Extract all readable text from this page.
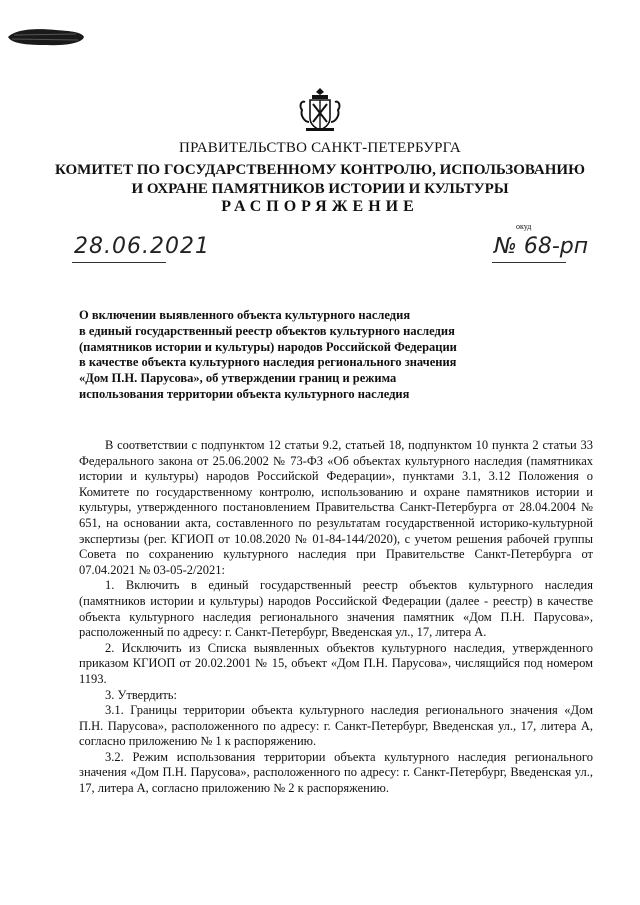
ПРАВИТЕЛЬСТВО САНКТ-ПЕТЕРБУРГА
КОМИТЕТ ПО ГОСУДАРСТВЕННОМУ КОНТРОЛЮ, ИСПОЛЬЗОВАНИЮ
И ОХРАНЕ ПАМЯТНИКОВ ИСТОРИИ И КУЛЬТУРЫ
РАСПОРЯЖЕНИЕ
окуд
28.06.2021	№ 68-рп
О включении выявленного объекта культурного наследия
в единый государственный реестр объектов культурного наследия
(памятников истории и культуры) народов Российской Федерации
в качестве объекта культурного наследия регионального значения
«Дом П.Н. Парусова», об утверждении границ и режима
использования территории объекта культурного наследия

В соответствии с подпунктом 12 статьи 9.2, статьей 18, подпунктом 10 пункта 2 статьи 33 Федерального закона от 25.06.2002 № 73-ФЗ «Об объектах культурного наследия (памятниках истории и культуры) народов Российской Федерации», пунктами 3.1, 3.12 Положения о Комитете по государственному контролю, использованию и охране памятников истории и культуры, утвержденного постановлением Правительства Санкт-Петербурга от 28.04.2004 № 651, на основании акта, составленного по результатам государственной историко-культурной экспертизы (рег. КГИОП от 10.08.2020 № 01-84-144/2020), с учетом решения рабочей группы Совета по сохранению культурного наследия при Правительстве Санкт-Петербурга от 07.04.2021 № 03-05-2/2021:

1. Включить в единый государственный реестр объектов культурного наследия (памятников истории и культуры) народов Российской Федерации (далее - реестр) в качестве объекта культурного наследия регионального значения памятник «Дом П.Н. Парусова», расположенный по адресу: г. Санкт-Петербург, Введенская ул., 17, литера А.

2. Исключить из Списка выявленных объектов культурного наследия, утвержденного приказом КГИОП от 20.02.2001 № 15, объект «Дом П.Н. Парусова», числящийся под номером 1193.

3. Утвердить:

3.1. Границы территории объекта культурного наследия регионального значения «Дом П.Н. Парусова», расположенного по адресу: г. Санкт-Петербург, Введенская ул., 17, литера А, согласно приложению № 1 к распоряжению.

3.2. Режим использования территории объекта культурного наследия регионального значения «Дом П.Н. Парусова», расположенного по адресу: г. Санкт-Петербург, Введенская ул., 17, литера А, согласно приложению № 2 к распоряжению.
